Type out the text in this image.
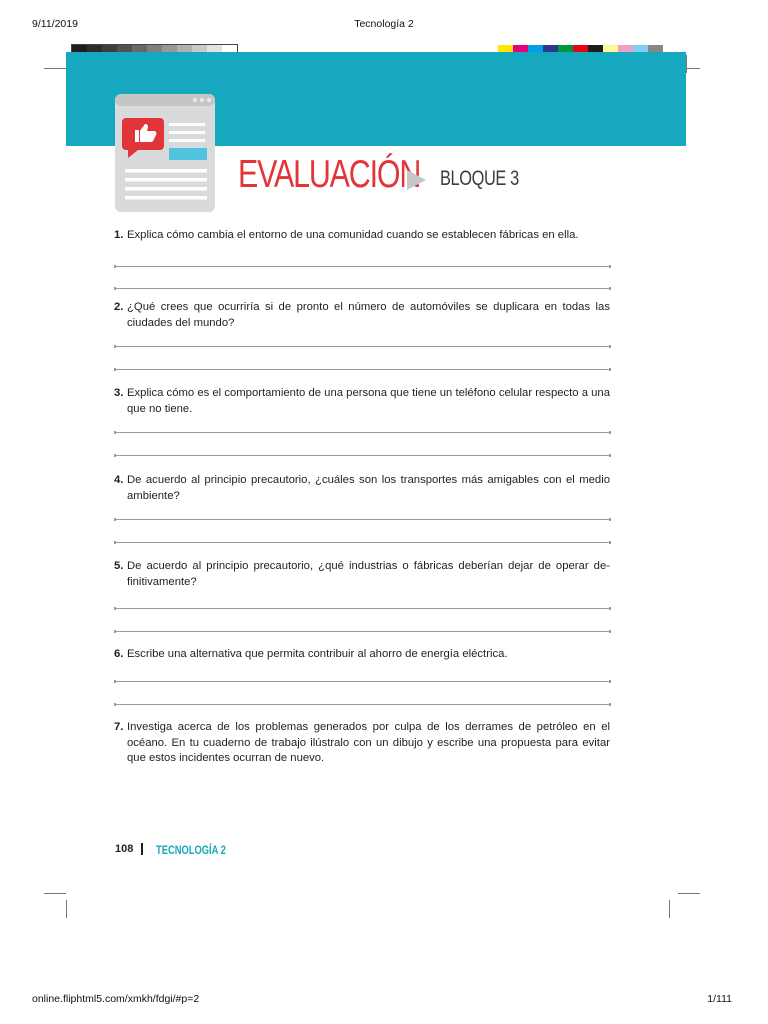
9/11/2019	Tecnología 2
EVALUACIÓN BLOQUE 3
1. Explica cómo cambia el entorno de una comunidad cuando se establecen fábricas en ella.
2. ¿Qué crees que ocurriría si de pronto el número de automóviles se duplicara en todas las ciudades del mundo?
3. Explica cómo es el comportamiento de una persona que tiene un teléfono celular respecto a una que no tiene.
4. De acuerdo al principio precautorio, ¿cuáles son los transportes más amigables con el medio ambiente?
5. De acuerdo al principio precautorio, ¿qué industrias o fábricas deberían dejar de operar definitivamente?
6. Escribe una alternativa que permita contribuir al ahorro de energía eléctrica.
7. Investiga acerca de los problemas generados por culpa de los derrames de petróleo en el océano. En tu cuaderno de trabajo ilústralo con un dibujo y escribe una propuesta para evitar que estos incidentes ocurran de nuevo.
108 TECNOLOGÍA 2
online.fliphtml5.com/xmkh/fdgi/#p=2	1/111
